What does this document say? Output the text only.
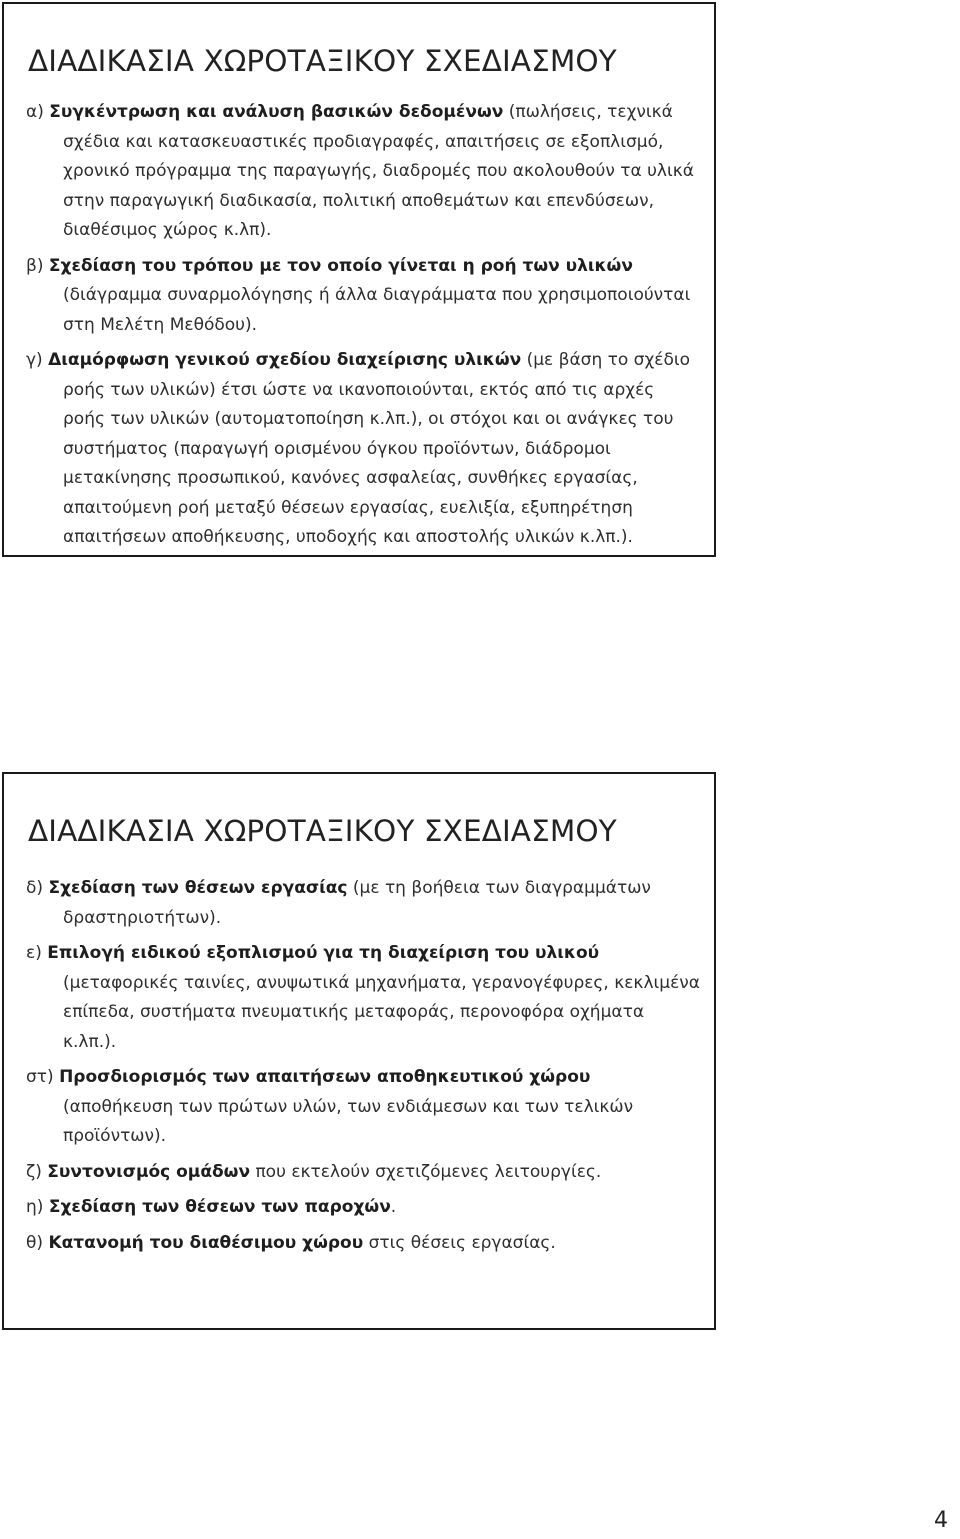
ΔΙΑΔΙΚΑΣΙΑ ΧΩΡΟΤΑΞΙΚΟΥ ΣΧΕΔΙΑΣΜΟΥ

α) Συγκέντρωση και ανάλυση βασικών δεδομένων (πωλήσεις, τεχνικά σχέδια και κατασκευαστικές προδιαγραφές, απαιτήσεις σε εξοπλισμό, χρονικό πρόγραμμα της παραγωγής, διαδρομές που ακολουθούν τα υλικά στην παραγωγική διαδικασία, πολιτική αποθεμάτων και επενδύσεων, διαθέσιμος χώρος κ.λπ).

β) Σχεδίαση του τρόπου με τον οποίο γίνεται η ροή των υλικών (διάγραμμα συναρμολόγησης ή άλλα διαγράμματα που χρησιμοποιούνται στη Μελέτη Μεθόδου).

γ) Διαμόρφωση γενικού σχεδίου διαχείρισης υλικών (με βάση το σχέδιο ροής των υλικών) έτσι ώστε να ικανοποιούνται, εκτός από τις αρχές ροής των υλικών (αυτοματοποίηση κ.λπ.), οι στόχοι και οι ανάγκες του συστήματος (παραγωγή ορισμένου όγκου προϊόντων, διάδρομοι μετακίνησης προσωπικού, κανόνες ασφαλείας, συνθήκες εργασίας, απαιτούμενη ροή μεταξύ θέσεων εργασίας, ευελιξία, εξυπηρέτηση απαιτήσεων αποθήκευσης, υποδοχής και αποστολής υλικών κ.λπ.).

ΔΙΑΔΙΚΑΣΙΑ ΧΩΡΟΤΑΞΙΚΟΥ ΣΧΕΔΙΑΣΜΟΥ

δ) Σχεδίαση των θέσεων εργασίας (με τη βοήθεια των διαγραμμάτων δραστηριοτήτων).

ε) Επιλογή ειδικού εξοπλισμού για τη διαχείριση του υλικού (μεταφορικές ταινίες, ανυψωτικά μηχανήματα, γερανογέφυρες, κεκλιμένα επίπεδα, συστήματα πνευματικής μεταφοράς, περονοφόρα οχήματα κ.λπ.).

στ) Προσδιορισμός των απαιτήσεων αποθηκευτικού χώρου (αποθήκευση των πρώτων υλών, των ενδιάμεσων και των τελικών προϊόντων).

ζ) Συντονισμός ομάδων που εκτελούν σχετιζόμενες λειτουργίες.

η) Σχεδίαση των θέσεων των παροχών.

θ) Κατανομή του διαθέσιμου χώρου στις θέσεις εργασίας.

4
